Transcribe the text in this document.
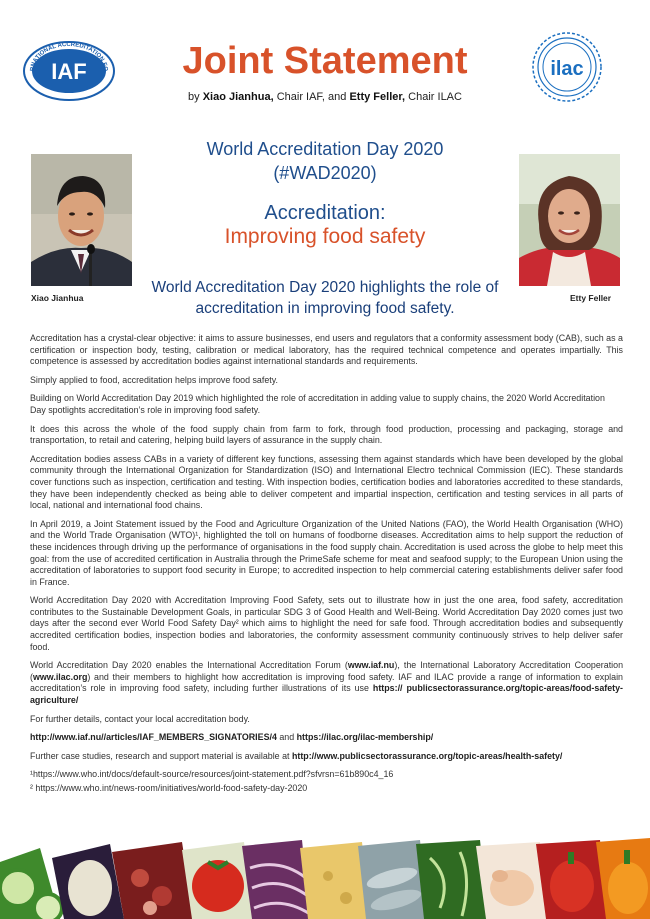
RNATIONAL ACCREDITATION FO
IAF	ilac
Joint Statement
by Xiao Jianhua, Chair IAF, and Etty Feller, Chair ILAC
Xiao Jianhua	Etty Feller
World Accreditation Day 2020
(#WAD2020)
Accreditation:
Improving food safety
World Accreditation Day 2020 highlights the role of
accreditation in improving food safety.

Accreditation has a crystal-clear objective: it aims to assure businesses, end users and regulators that a conformity assessment body (CAB), such as a certification or inspection body, testing, calibration or medical laboratory, has the required technical competence and operates impartially. This competence is assessed by accreditation bodies against international standards and requirements.

Simply applied to food, accreditation helps improve food safety.

Building on World Accreditation Day 2019 which highlighted the role of accreditation in adding value to supply chains, the 2020 World Accreditation Day spotlights accreditation’s role in improving food safety.

It does this across the whole of the food supply chain from farm to fork, through food production, processing and packaging, storage and transportation, to retail and catering, helping build layers of assurance in the supply chain.

Accreditation bodies assess CABs in a variety of different key functions, assessing them against standards which have been developed by the global community through the International Organization for Standardization (ISO) and International Electro technical Commission (IEC). These standards cover functions such as inspection, certification and testing. With inspection bodies, certification bodies and laboratories accredited to these standards, they have been independently checked as being able to deliver competent and impartial inspection, certification and testing services in all parts of local, national and international food chains.

In April 2019, a Joint Statement issued by the Food and Agriculture Organization of the United Nations (FAO), the World Health Organisation (WHO) and the World Trade Organisation (WTO)¹, highlighted the toll on humans of foodborne diseases. Accreditation aims to help support the reduction of these incidences through driving up the performance of organisations in the food supply chain. Accreditation is used across the globe to help meet this goal: from the use of accredited certification in Australia through the PrimeSafe scheme for meat and seafood supply; to the European Union using the accreditation of laboratories to support food security in Europe; to accredited inspection to help commercial catering establishments deliver safer food in France.

World Accreditation Day 2020 with Accreditation Improving Food Safety, sets out to illustrate how in just the one area, food safety, accreditation contributes to the Sustainable Development Goals, in particular SDG 3 of Good Health and Well-Being. World Accreditation Day 2020 comes just two days after the second ever World Food Safety Day² which aims to highlight the need for safe food. Through accreditation bodies and subsequently accredited certification bodies, inspection bodies and laboratories, the conformity assessment community continuously strives to help deliver safer food.

World Accreditation Day 2020 enables the International Accreditation Forum (www.iaf.nu), the International Laboratory Accreditation Cooperation (www.ilac.org) and their members to highlight how accreditation is improving food safety. IAF and ILAC provide a range of information to explain accreditation’s role in improving food safety, including further illustrations of its use https:// publicsectorassurance.org/topic-areas/food-safety-agriculture/

For further details, contact your local accreditation body.

http://www.iaf.nu//articles/IAF_MEMBERS_SIGNATORIES/4 and https://ilac.org/ilac-membership/

Further case studies, research and support material is available at http://www.publicsectorassurance.org/topic-areas/health-safety/

¹https://www.who.int/docs/default-source/resources/joint-statement.pdf?sfvrsn=61b890c4_16

² https://www.who.int/news-room/initiatives/world-food-safety-day-2020
